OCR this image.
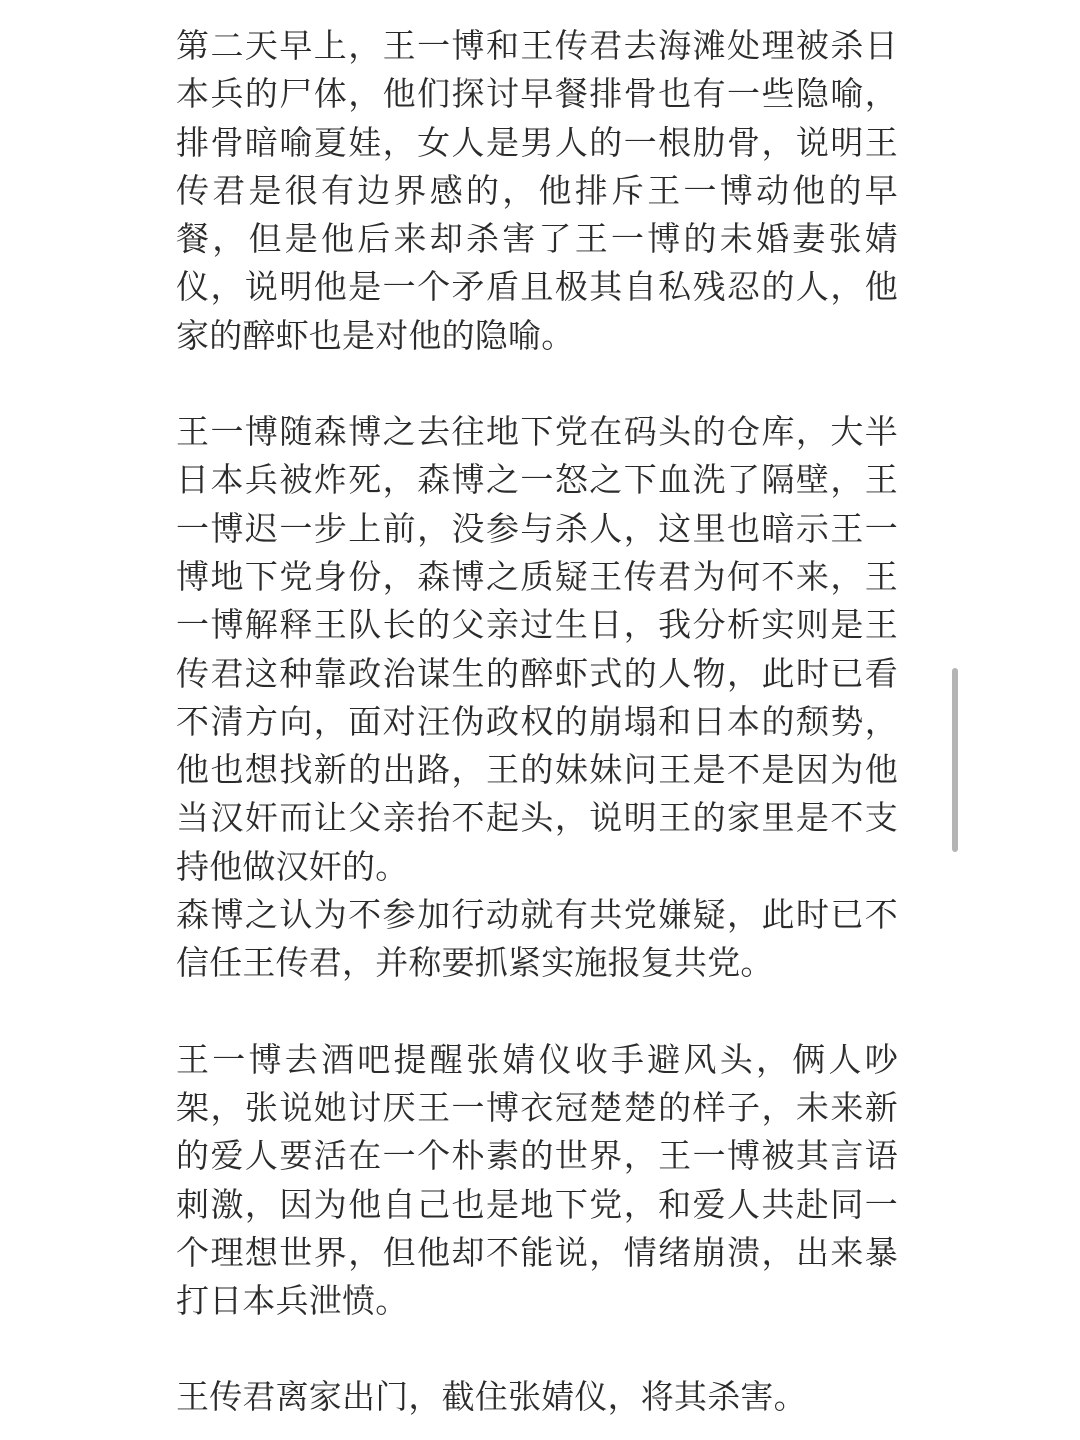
第二天早上，王一博和王传君去海滩处理被杀日本兵的尸体，他们探讨早餐排骨也有一些隐喻，排骨暗喻夏娃，女人是男人的一根肋骨，说明王传君是很有边界感的，他排斥王一博动他的早餐，但是他后来却杀害了王一博的未婚妻张婧仪，说明他是一个矛盾且极其自私残忍的人，他家的醉虾也是对他的隐喻。

王一博随森博之去往地下党在码头的仓库，大半日本兵被炸死，森博之一怒之下血洗了隔壁，王一博迟一步上前，没参与杀人，这里也暗示王一博地下党身份，森博之质疑王传君为何不来，王一博解释王队长的父亲过生日，我分析实则是王传君这种靠政治谋生的醉虾式的人物，此时已看不清方向，面对汪伪政权的崩塌和日本的颓势，他也想找新的出路，王的妹妹问王是不是因为他当汉奸而让父亲抬不起头，说明王的家里是不支持他做汉奸的。

森博之认为不参加行动就有共党嫌疑，此时已不信任王传君，并称要抓紧实施报复共党。

王一博去酒吧提醒张婧仪收手避风头，俩人吵架，张说她讨厌王一博衣冠楚楚的样子，未来新的爱人要活在一个朴素的世界，王一博被其言语刺激，因为他自己也是地下党，和爱人共赴同一个理想世界，但他却不能说，情绪崩溃，出来暴打日本兵泄愤。

王传君离家出门，截住张婧仪，将其杀害。
